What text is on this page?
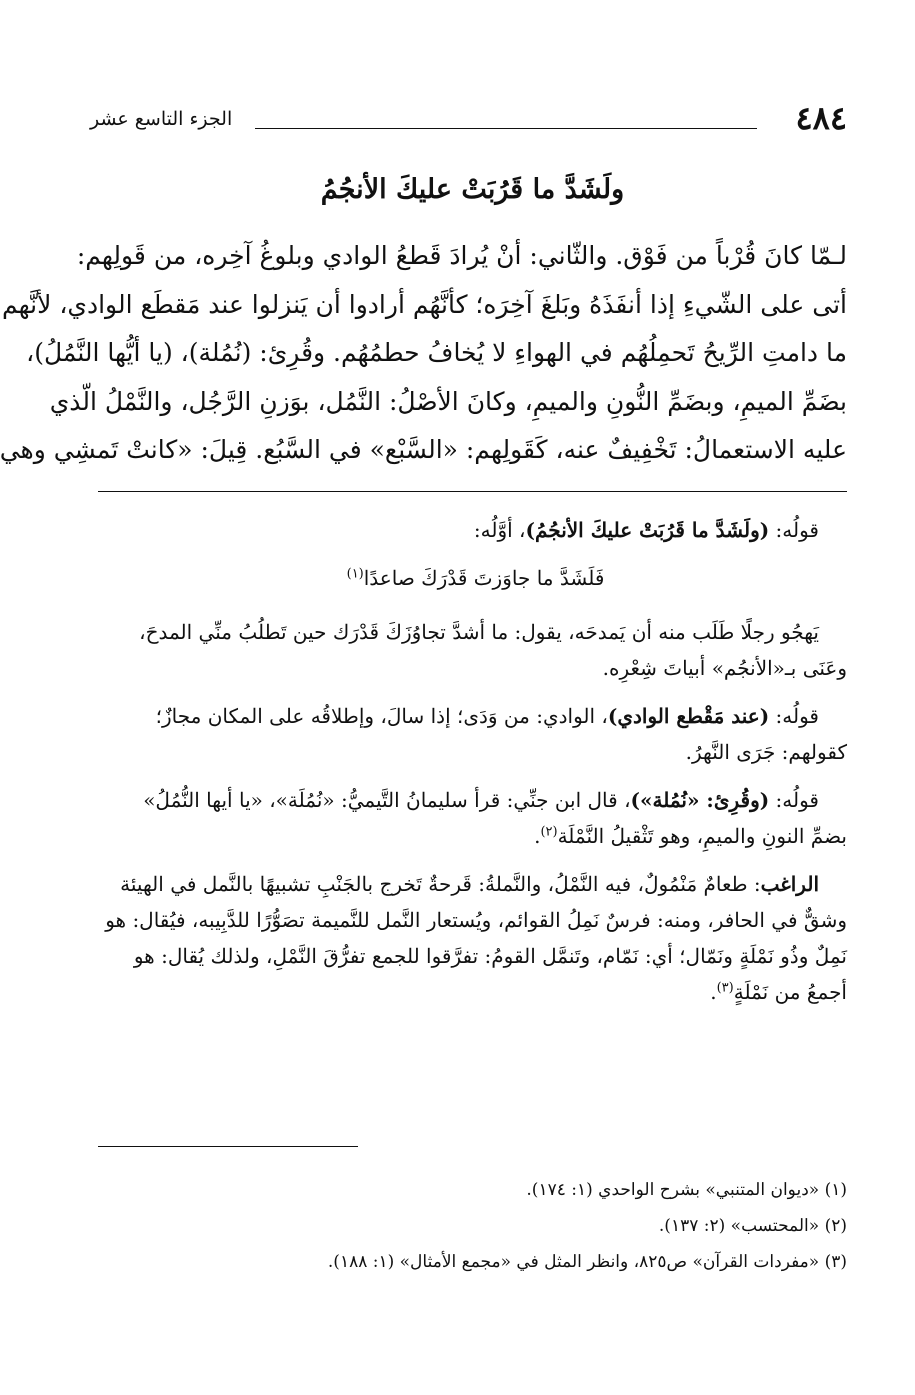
٤٨٤
الجزء التاسع عشر
ولَشَدَّ ما قَرُبَتْ عليكَ الأنجُمُ
لـمّا كانَ قُرْباً من فَوْق. والثّاني: أنْ يُرادَ قَطعُ الوادي وبلوغُ آخِره، من قَولِهم:
أتى على الشّيءِ إذا أنفَذَهُ وبَلغَ آخِرَه؛ كأنَّهُم أرادوا أن يَنزلوا عند مَقطَع الوادي، لأنَّهم
ما دامتِ الرِّيحُ تَحمِلُهُم في الهواءِ لا يُخافُ حطمُهُم. وقُرِئ: (نُمُلة)، (يا أيُّها النَّمُلُ)،
بضَمِّ الميمِ، وبضَمِّ النُّونِ والميمِ، وكانَ الأصْلُ: النَّمُل، بوَزنِ الرَّجُل، والنَّمْلُ الّذي
عليه الاستعمالُ: تَخْفِيفٌ عنه، كَقَولِهم: «السَّبْع» في السَّبُع. قِيلَ: «كانتْ تَمشِي وهي

قولُه: (ولَشَدَّ ما قَرُبَتْ عليكَ الأنجُمُ)، أوَّلُه:

فَلَشَدَّ ما جاوَزتَ قَدْرَكَ صاعدًا$^{(١)}$

يَهجُو رجلًا طَلَب منه أن يَمدحَه، يقول: ما أشدَّ تجاوُزَكَ قَدْرَك حين تَطلُبُ منِّي المدحَ، وعَنَى بـ«الأنجُم» أبياتَ شِعْرِه.

قولُه: (عند مَقْطع الوادي)، الوادي: من وَدَى؛ إذا سالَ، وإطلاقُه على المكان مجازٌ؛ كقولهم: جَرَى النَّهرُ.

قولُه: (وقُرِئ: «نُمُلة»)، قال ابن جنِّي: قرأ سليمانُ التَّيميُّ: «نُمُلَة»، «يا أيها النُّمُلُ» بضمِّ النونِ والميمِ، وهو تَثْقيلُ النَّمْلَة$^{(٢)}$.

الراغب: طعامٌ مَنْمُولٌ، فيه النَّمْلُ، والنَّملةُ: قَرحةٌ تَخرج بالجَنْبِ تشبيهًا بالنَّمل في الهيئة وشقٌّ في الحافر، ومنه: فرسٌ نَمِلُ القوائم، ويُستعار النَّمل للنَّميمة تصَوُّرًا للدَّبِيبه، فيُقال: هو نَمِلٌ وذُو نَمْلَةٍ ونَمّال؛ أي: نَمّام، وتَنمَّل القومُ: تفرَّقوا للجمع تفرُّقَ النَّمْلِ، ولذلك يُقال: هو أجمعُ من نَمْلَةٍ$^{(٣)}$.

(١) «ديوان المتنبي» بشرح الواحدي (١: ١٧٤).
(٢) «المحتسب» (٢: ١٣٧).
(٣) «مفردات القرآن» ص٨٢٥، وانظر المثل في «مجمع الأمثال» (١: ١٨٨).
